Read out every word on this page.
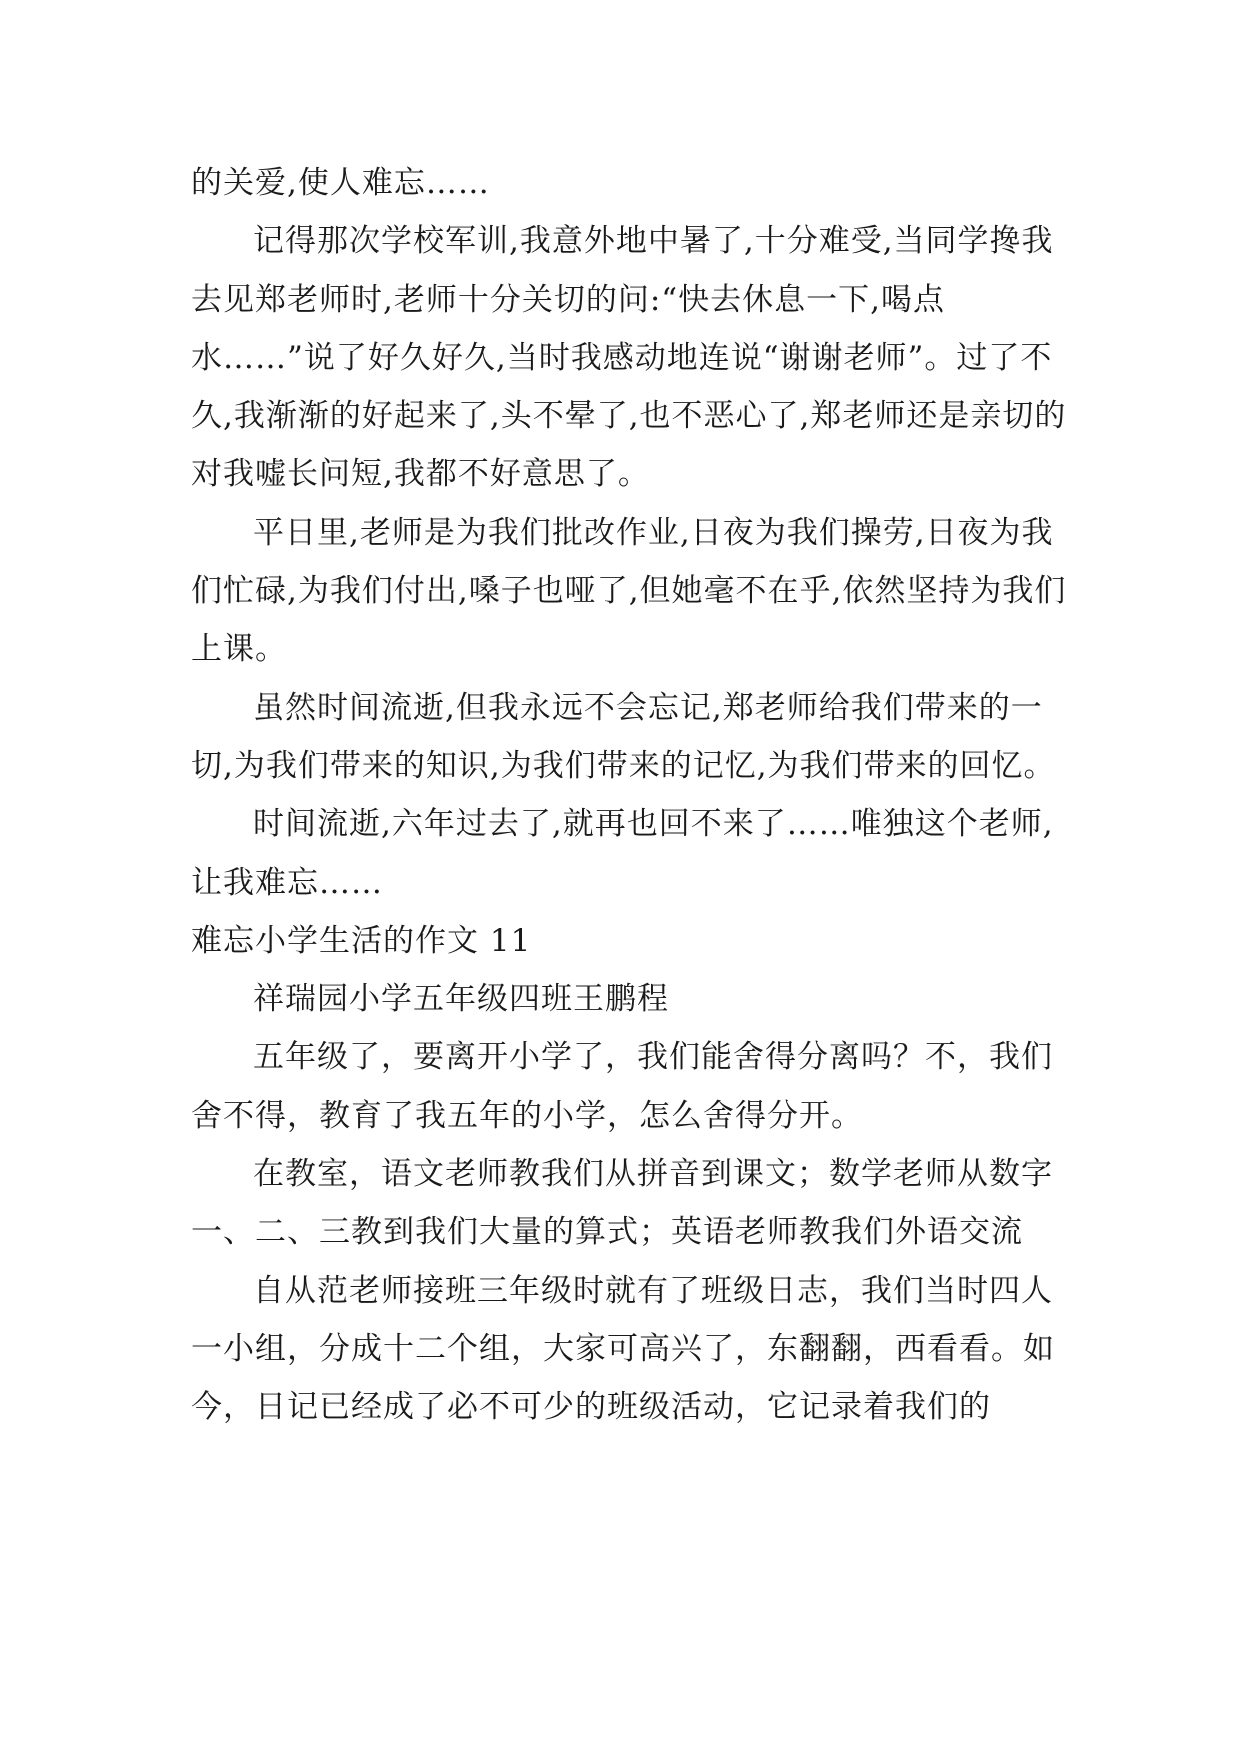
的关爱,使人难忘……

记得那次学校军训,我意外地中暑了,十分难受,当同学搀我去见郑老师时,老师十分关切的问:“快去休息一下,喝点水……”说了好久好久,当时我感动地连说“谢谢老师”。过了不久,我渐渐的好起来了,头不晕了,也不恶心了,郑老师还是亲切的对我嘘长问短,我都不好意思了。

平日里,老师是为我们批改作业,日夜为我们操劳,日夜为我们忙碌,为我们付出,嗓子也哑了,但她毫不在乎,依然坚持为我们上课。

虽然时间流逝,但我永远不会忘记,郑老师给我们带来的一切,为我们带来的知识,为我们带来的记忆,为我们带来的回忆。

时间流逝,六年过去了,就再也回不来了……唯独这个老师,让我难忘……

难忘小学生活的作文 11

祥瑞园小学五年级四班王鹏程

五年级了，要离开小学了，我们能舍得分离吗？不，我们舍不得，教育了我五年的小学，怎么舍得分开。

在教室，语文老师教我们从拼音到课文；数学老师从数字一、二、三教到我们大量的算式；英语老师教我们外语交流

自从范老师接班三年级时就有了班级日志，我们当时四人一小组，分成十二个组，大家可高兴了，东翻翻，西看看。如今，日记已经成了必不可少的班级活动，它记录着我们的
